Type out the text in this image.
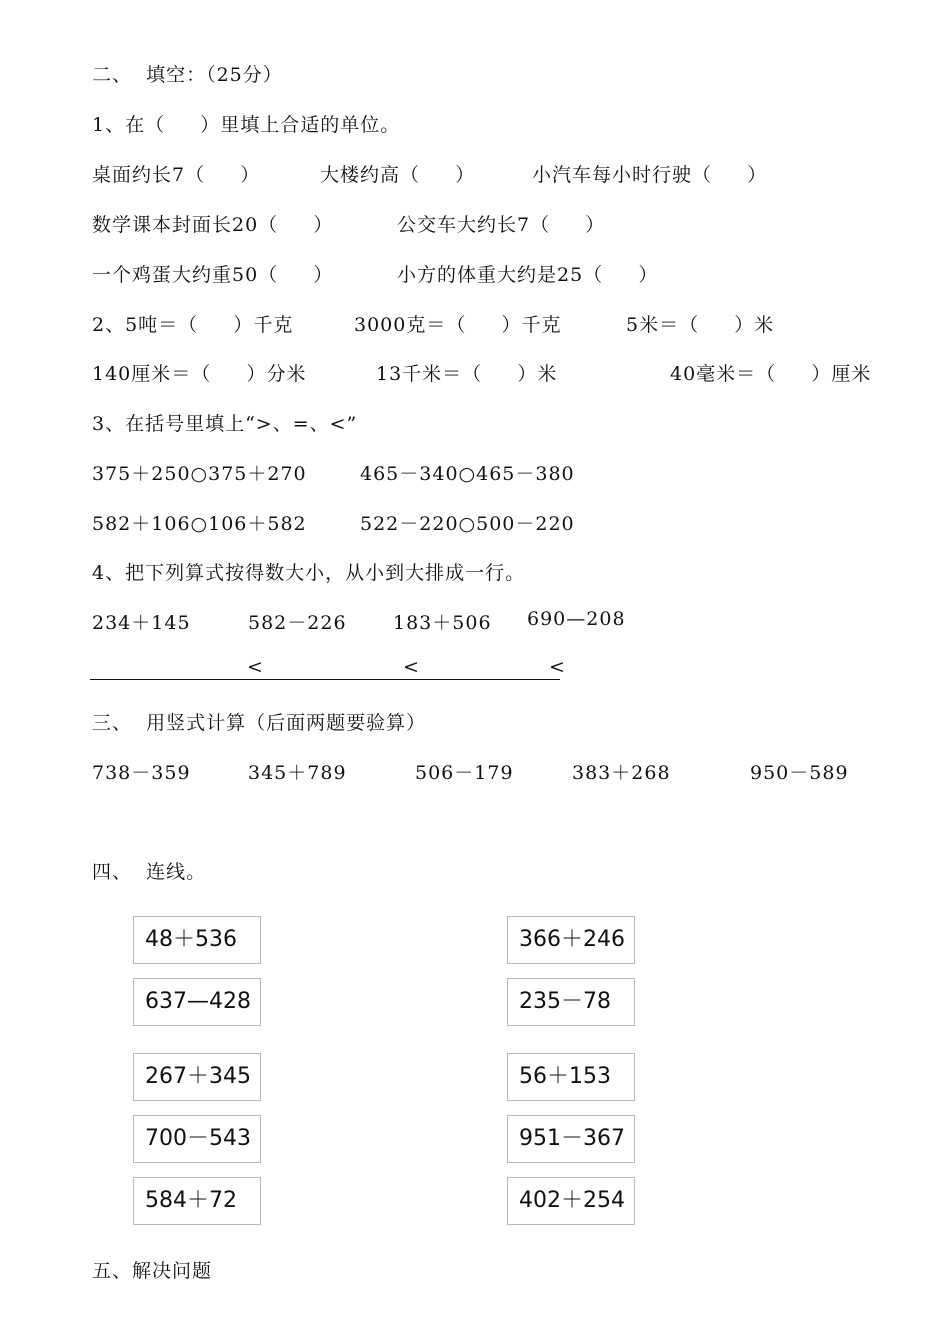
二、  填空：（25分）
1、在（     ）里填上合适的单位。
桌面约长7（     ）	大楼约高（     ）	小汽车每小时行驶（     ）
数学课本封面长20（     ）	公交车大约长7（     ）
一个鸡蛋大约重50（     ）	小方的体重大约是25（     ）
2、5吨＝（     ）千克	3000克＝（     ）千克	5米＝（     ）米
140厘米＝（     ）分米	13千米＝（     ）米	40毫米＝（     ）厘米
3、在括号里填上“>、=、<”
375＋250○375＋270	465－340○465－380
582＋106○106＋582	522－220○500－220
4、把下列算式按得数大小，从小到大排成一行。
234＋145	582－226 183＋506 690—208
<	<	<
三、  用竖式计算（后面两题要验算）
738－359	345＋789	506－179	383＋268	950－589
四、  连线。
48＋536
637—428
267＋345
700－543
584＋72
366＋246
235－78
56＋153
951－367
402＋254
五、解决问题
